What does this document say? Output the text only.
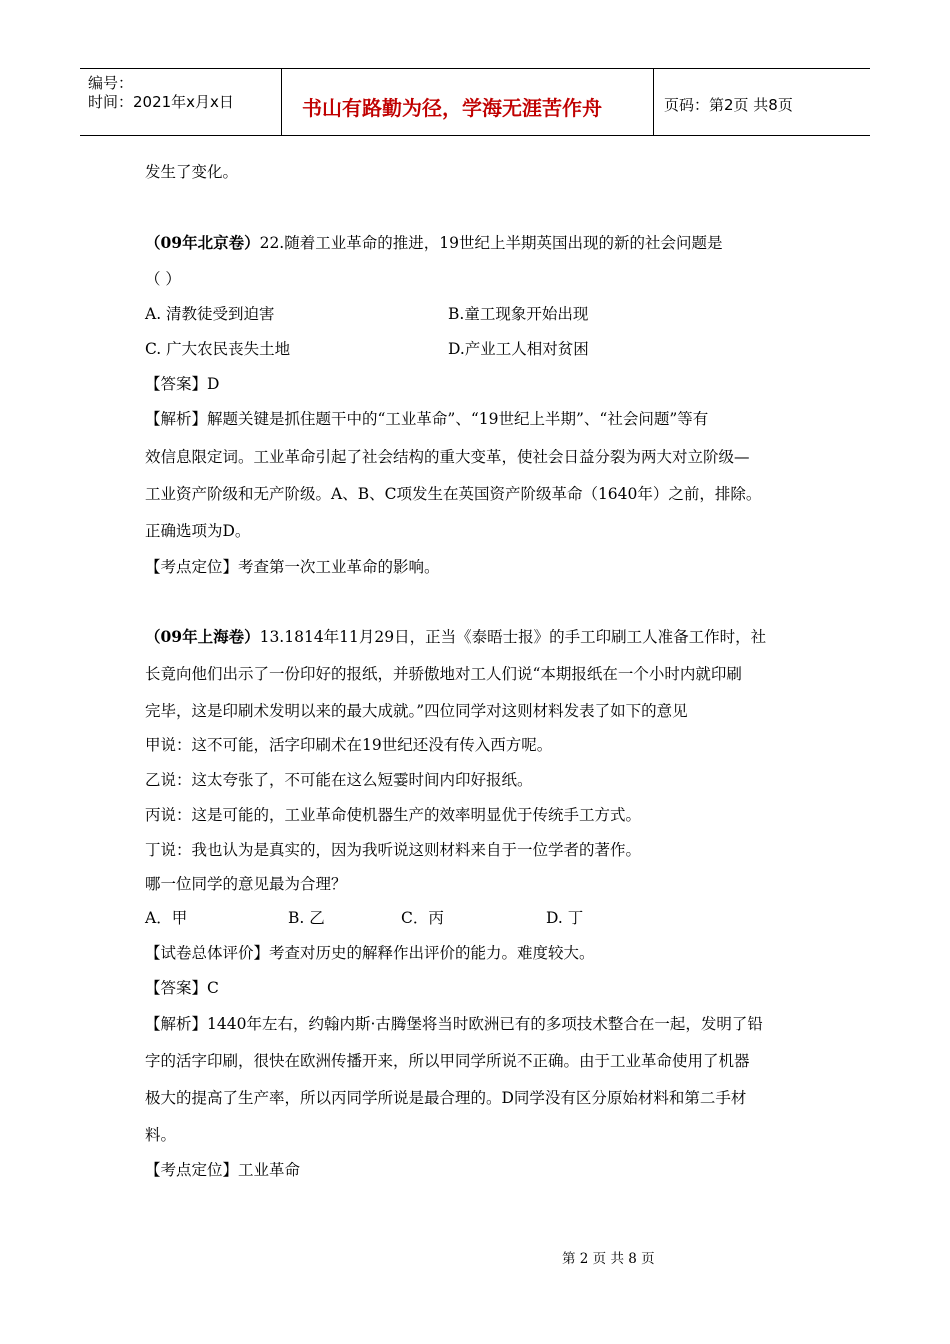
编号：
时间：2021年x月x日	书山有路勤为径，学海无涯苦作舟	页码：第2页 共8页
发生了变化。
（09年北京卷）22.随着工业革命的推进，19世纪上半期英国出现的新的社会问题是
（ ）
A. 清教徒受到迫害	B.童工现象开始出现
C. 广大农民丧失土地	D.产业工人相对贫困
【答案】D
【解析】解题关键是抓住题干中的“工业革命”、“19世纪上半期”、“社会问题”等有
效信息限定词。工业革命引起了社会结构的重大变革，使社会日益分裂为两大对立阶级—
工业资产阶级和无产阶级。A、B、C项发生在英国资产阶级革命（1640年）之前，排除。
正确选项为D。
【考点定位】考查第一次工业革命的影响。
（09年上海卷）13.1814年11月29日，正当《泰晤士报》的手工印刷工人准备工作时，社
长竟向他们出示了一份印好的报纸，并骄傲地对工人们说“本期报纸在一个小时内就印刷
完毕，这是印刷术发明以来的最大成就。”四位同学对这则材料发表了如下的意见
甲说：这不可能，活字印刷术在19世纪还没有传入西方呢。
乙说：这太夸张了，不可能在这么短霎时间内印好报纸。
丙说：这是可能的，工业革命使机器生产的效率明显优于传统手工方式。
丁说：我也认为是真实的，因为我听说这则材料来自于一位学者的著作。
哪一位同学的意见最为合理？
A．甲	B. 乙	C．丙	D. 丁
【试卷总体评价】考查对历史的解释作出评价的能力。难度较大。
【答案】C
【解析】1440年左右，约翰内斯·古腾堡将当时欧洲已有的多项技术整合在一起，发明了铅
字的活字印刷，很快在欧洲传播开来，所以甲同学所说不正确。由于工业革命使用了机器
极大的提高了生产率，所以丙同学所说是最合理的。D同学没有区分原始材料和第二手材
料。
【考点定位】工业革命
第 2 页 共 8 页
